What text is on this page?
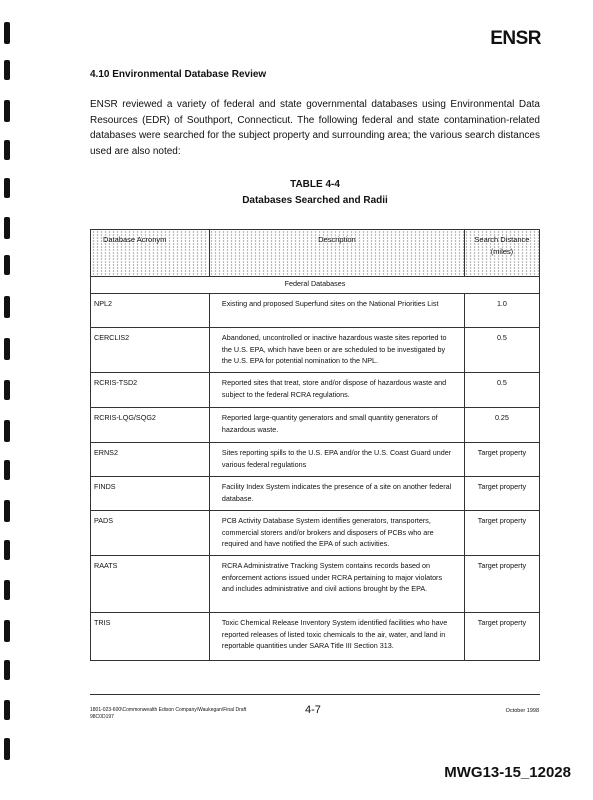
ENSR
4.10 Environmental Database Review
ENSR reviewed a variety of federal and state governmental databases using Environmental Data Resources (EDR) of Southport, Connecticut. The following federal and state contamination-related databases were searched for the subject property and surrounding area; the various search distances used are also noted:
TABLE 4-4
Databases Searched and Radii
Database Acronym	Description	Search Distance (miles)
Federal Databases		
NPL2	Existing and proposed Superfund sites on the National Priorities List	1.0
CERCLIS2	Abandoned, uncontrolled or inactive hazardous waste sites reported to the U.S. EPA, which have been or are scheduled to be investigated by the U.S. EPA for potential nomination to the NPL.	0.5
RCRIS-TSD2	Reported sites that treat, store and/or dispose of hazardous waste and subject to the federal RCRA regulations.	0.5
RCRIS-LQG/SQG2	Reported large-quantity generators and small quantity generators of hazardous waste.	0.25
ERNS2	Sites reporting spills to the U.S. EPA and/or the U.S. Coast Guard under various federal regulations	Target property
FINDS	Facility Index System indicates the presence of a site on another federal database.	Target property
PADS	PCB Activity Database System identifies generators, transporters, commercial storers and/or brokers and disposers of PCBs who are required and have notified the EPA of such activities.	Target property
RAATS	RCRA Administrative Tracking System contains records based on enforcement actions issued under RCRA pertaining to major violators and includes administrative and civil actions brought by the EPA.	Target property
TRIS	Toxic Chemical Release Inventory System identified facilities who have reported releases of listed toxic chemicals to the air, water, and land in reportable quantities under SARA Title III Section 313.	Target property
1801-023-600\Commonwealth Edison Company\Waukegan\Final Draft
98C0D197
4-7	October 1998
MWG13-15_12028
